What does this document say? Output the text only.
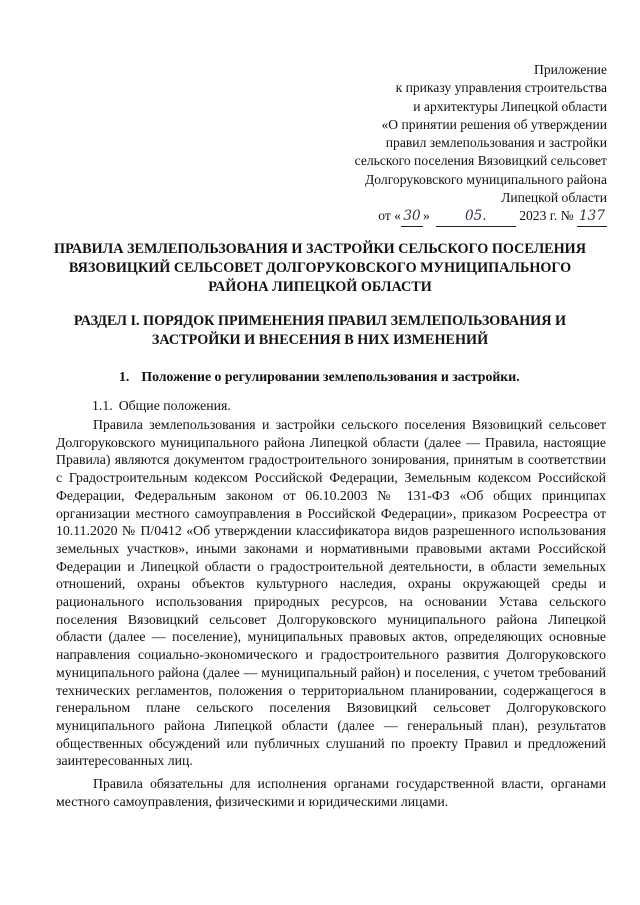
Приложение
к приказу управления строительства
и архитектуры Липецкой области
«О принятии решения об утверждении
правил землепользования и застройки
сельского поселения Вязовицкий сельсовет
Долгоруковского муниципального района
Липецкой области
от « 30 »	05. 2023 г. № 137
ПРАВИЛА ЗЕМЛЕПОЛЬЗОВАНИЯ И ЗАСТРОЙКИ СЕЛЬСКОГО ПОСЕЛЕНИЯ ВЯЗОВИЦКИЙ СЕЛЬСОВЕТ ДОЛГОРУКОВСКОГО МУНИЦИПАЛЬНОГО РАЙОНА ЛИПЕЦКОЙ ОБЛАСТИ
РАЗДЕЛ I. ПОРЯДОК ПРИМЕНЕНИЯ ПРАВИЛ ЗЕМЛЕПОЛЬЗОВАНИЯ И ЗАСТРОЙКИ И ВНЕСЕНИЯ В НИХ ИЗМЕНЕНИЙ
1. Положение о регулировании землепользования и застройки.
1.1. Общие положения.

Правила землепользования и застройки сельского поселения Вязовицкий сельсовет Долгоруковского муниципального района Липецкой области (далее — Правила, настоящие Правила) являются документом градостроительного зонирования, принятым в соответствии с Градостроительным кодексом Российской Федерации, Земельным кодексом Российской Федерации, Федеральным законом от 06.10.2003 № 131-ФЗ «Об общих принципах организации местного самоуправления в Российской Федерации», приказом Росреестра от 10.11.2020 № П/0412 «Об утверждении классификатора видов разрешенного использования земельных участков», иными законами и нормативными правовыми актами Российской Федерации и Липецкой области о градостроительной деятельности, в области земельных отношений, охраны объектов культурного наследия, охраны окружающей среды и рационального использования природных ресурсов, на основании Устава сельского поселения Вязовицкий сельсовет Долгоруковского муниципального района Липецкой области (далее — поселение), муниципальных правовых актов, определяющих основные направления социально-экономического и градостроительного развития Долгоруковского муниципального района (далее — муниципальный район) и поселения, с учетом требований технических регламентов, положения о территориальном планировании, содержащегося в генеральном плане сельского поселения Вязовицкий сельсовет Долгоруковского муниципального района Липецкой области (далее — генеральный план), результатов общественных обсуждений или публичных слушаний по проекту Правил и предложений заинтересованных лиц.

Правила обязательны для исполнения органами государственной власти, органами местного самоуправления, физическими и юридическими лицами.
